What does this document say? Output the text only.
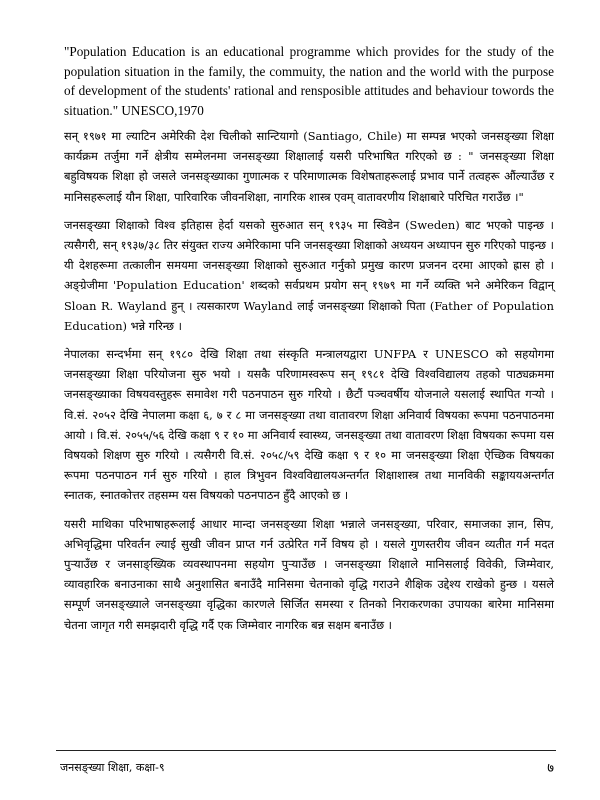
"Population Education is an educational programme which provides for the study of the population situation in the family, the commuity, the nation and the world with the purpose of development of the students' rational and rensposible attitudes and behaviour towords the situation." UNESCO,1970

सन् १९७१ मा ल्याटिन अमेरिकी देश चिलीको सान्टियागो (Santiago, Chile) मा सम्पन्न भएको जनसङ्ख्या शिक्षा कार्यक्रम तर्जुमा गर्ने क्षेत्रीय सम्मेलनमा जनसङ्ख्या शिक्षालाई यसरी परिभाषित गरिएको छ : " जनसङ्ख्या शिक्षा बहुविषयक शिक्षा हो जसले जनसङ्ख्याका गुणात्मक र परिमाणात्मक विशेषताहरूलाई प्रभाव पार्ने तत्वहरू औंल्याउँछ र मानिसहरूलाई यौन शिक्षा, पारिवारिक जीवनशिक्षा, नागरिक शास्त्र एवम् वातावरणीय शिक्षाबारे परिचित गराउँछ ।"

जनसङ्ख्या शिक्षाको विश्व इतिहास हेर्दा यसको सुरुआत सन् १९३५ मा स्विडेन (Sweden) बाट भएको पाइन्छ । त्यसैगरी, सन् १९३७/३८ तिर संयुक्त राज्य अमेरिकामा पनि जनसङ्ख्या शिक्षाको अध्ययन अध्यापन सुरु गरिएको पाइन्छ । यी देशहरूमा तत्कालीन समयमा जनसङ्ख्या शिक्षाको सुरुआत गर्नुको प्रमुख कारण प्रजनन दरमा आएको ह्रास हो । अङ्ग्रेजीमा 'Population Education' शब्दको सर्वप्रथम प्रयोग सन् १९७९ मा गर्ने व्यक्ति भने अमेरिकन विद्वान् Sloan R. Wayland हुन् । त्यसकारण Wayland लाई जनसङ्ख्या शिक्षाको पिता (Father of Population Education) भन्ने गरिन्छ ।

नेपालका सन्दर्भमा सन् १९८० देखि शिक्षा तथा संस्कृति मन्त्रालयद्वारा UNFPA र UNESCO को सहयोगमा जनसङ्ख्या शिक्षा परियोजना सुरु भयो । यसकै परिणामस्वरूप सन् १९८१ देखि विश्वविद्यालय तहको पाठ्यक्रममा जनसङ्ख्याका विषयवस्तुहरू समावेश गरी पठनपाठन सुरु गरियो । छैटौं पञ्चवर्षीय योजनाले यसलाई स्थापित गऱ्यो । वि.सं. २०५२ देखि नेपालमा कक्षा ६, ७ र ८ मा जनसङ्ख्या तथा वातावरण शिक्षा अनिवार्य विषयका रूपमा पठनपाठनमा आयो । वि.सं. २०५५/५६ देखि कक्षा ९ र १० मा अनिवार्य स्वास्थ्य, जनसङ्ख्या तथा वातावरण शिक्षा विषयका रूपमा यस विषयको शिक्षण सुरु गरियो । त्यसैगरी वि.सं. २०५८/५९ देखि कक्षा ९ र १० मा जनसङ्ख्या शिक्षा ऐच्छिक विषयका रूपमा पठनपाठन गर्न सुरु गरियो । हाल त्रिभुवन विश्वविद्यालयअन्तर्गत शिक्षाशास्त्र तथा मानविकी सङ्काययअन्तर्गत स्नातक, स्नातकोत्तर तहसम्म यस विषयको पठनपाठन हुँदै आएको छ ।

यसरी माथिका परिभाषाहरूलाई आधार मान्दा जनसङ्ख्या शिक्षा भन्नाले जनसङ्ख्या, परिवार, समाजका ज्ञान, सिप, अभिवृद्धिमा परिवर्तन ल्याई सुखी जीवन प्राप्त गर्न उत्प्रेरित गर्ने विषय हो । यसले गुणस्तरीय जीवन व्यतीत गर्न मदत पुऱ्याउँछ र जनसाङ्ख्यिक व्यवस्थापनमा सहयोग पुऱ्याउँछ । जनसङ्ख्या शिक्षाले मानिसलाई विवेकी, जिम्मेवार, व्यावहारिक बनाउनाका साथै अनुशासित बनाउँदै मानिसमा चेतनाको वृद्धि गराउने शैक्षिक उद्देश्य राखेको हुन्छ । यसले सम्पूर्ण जनसङ्ख्याले जनसङ्ख्या वृद्धिका कारणले सिर्जित समस्या र तिनको निराकरणका उपायका बारेमा मानिसमा चेतना जागृत गरी समझदारी वृद्धि गर्दै एक जिम्मेवार नागरिक बन्न सक्षम बनाउँछ ।

जनसङ्ख्या शिक्षा, कक्षा-९	७
